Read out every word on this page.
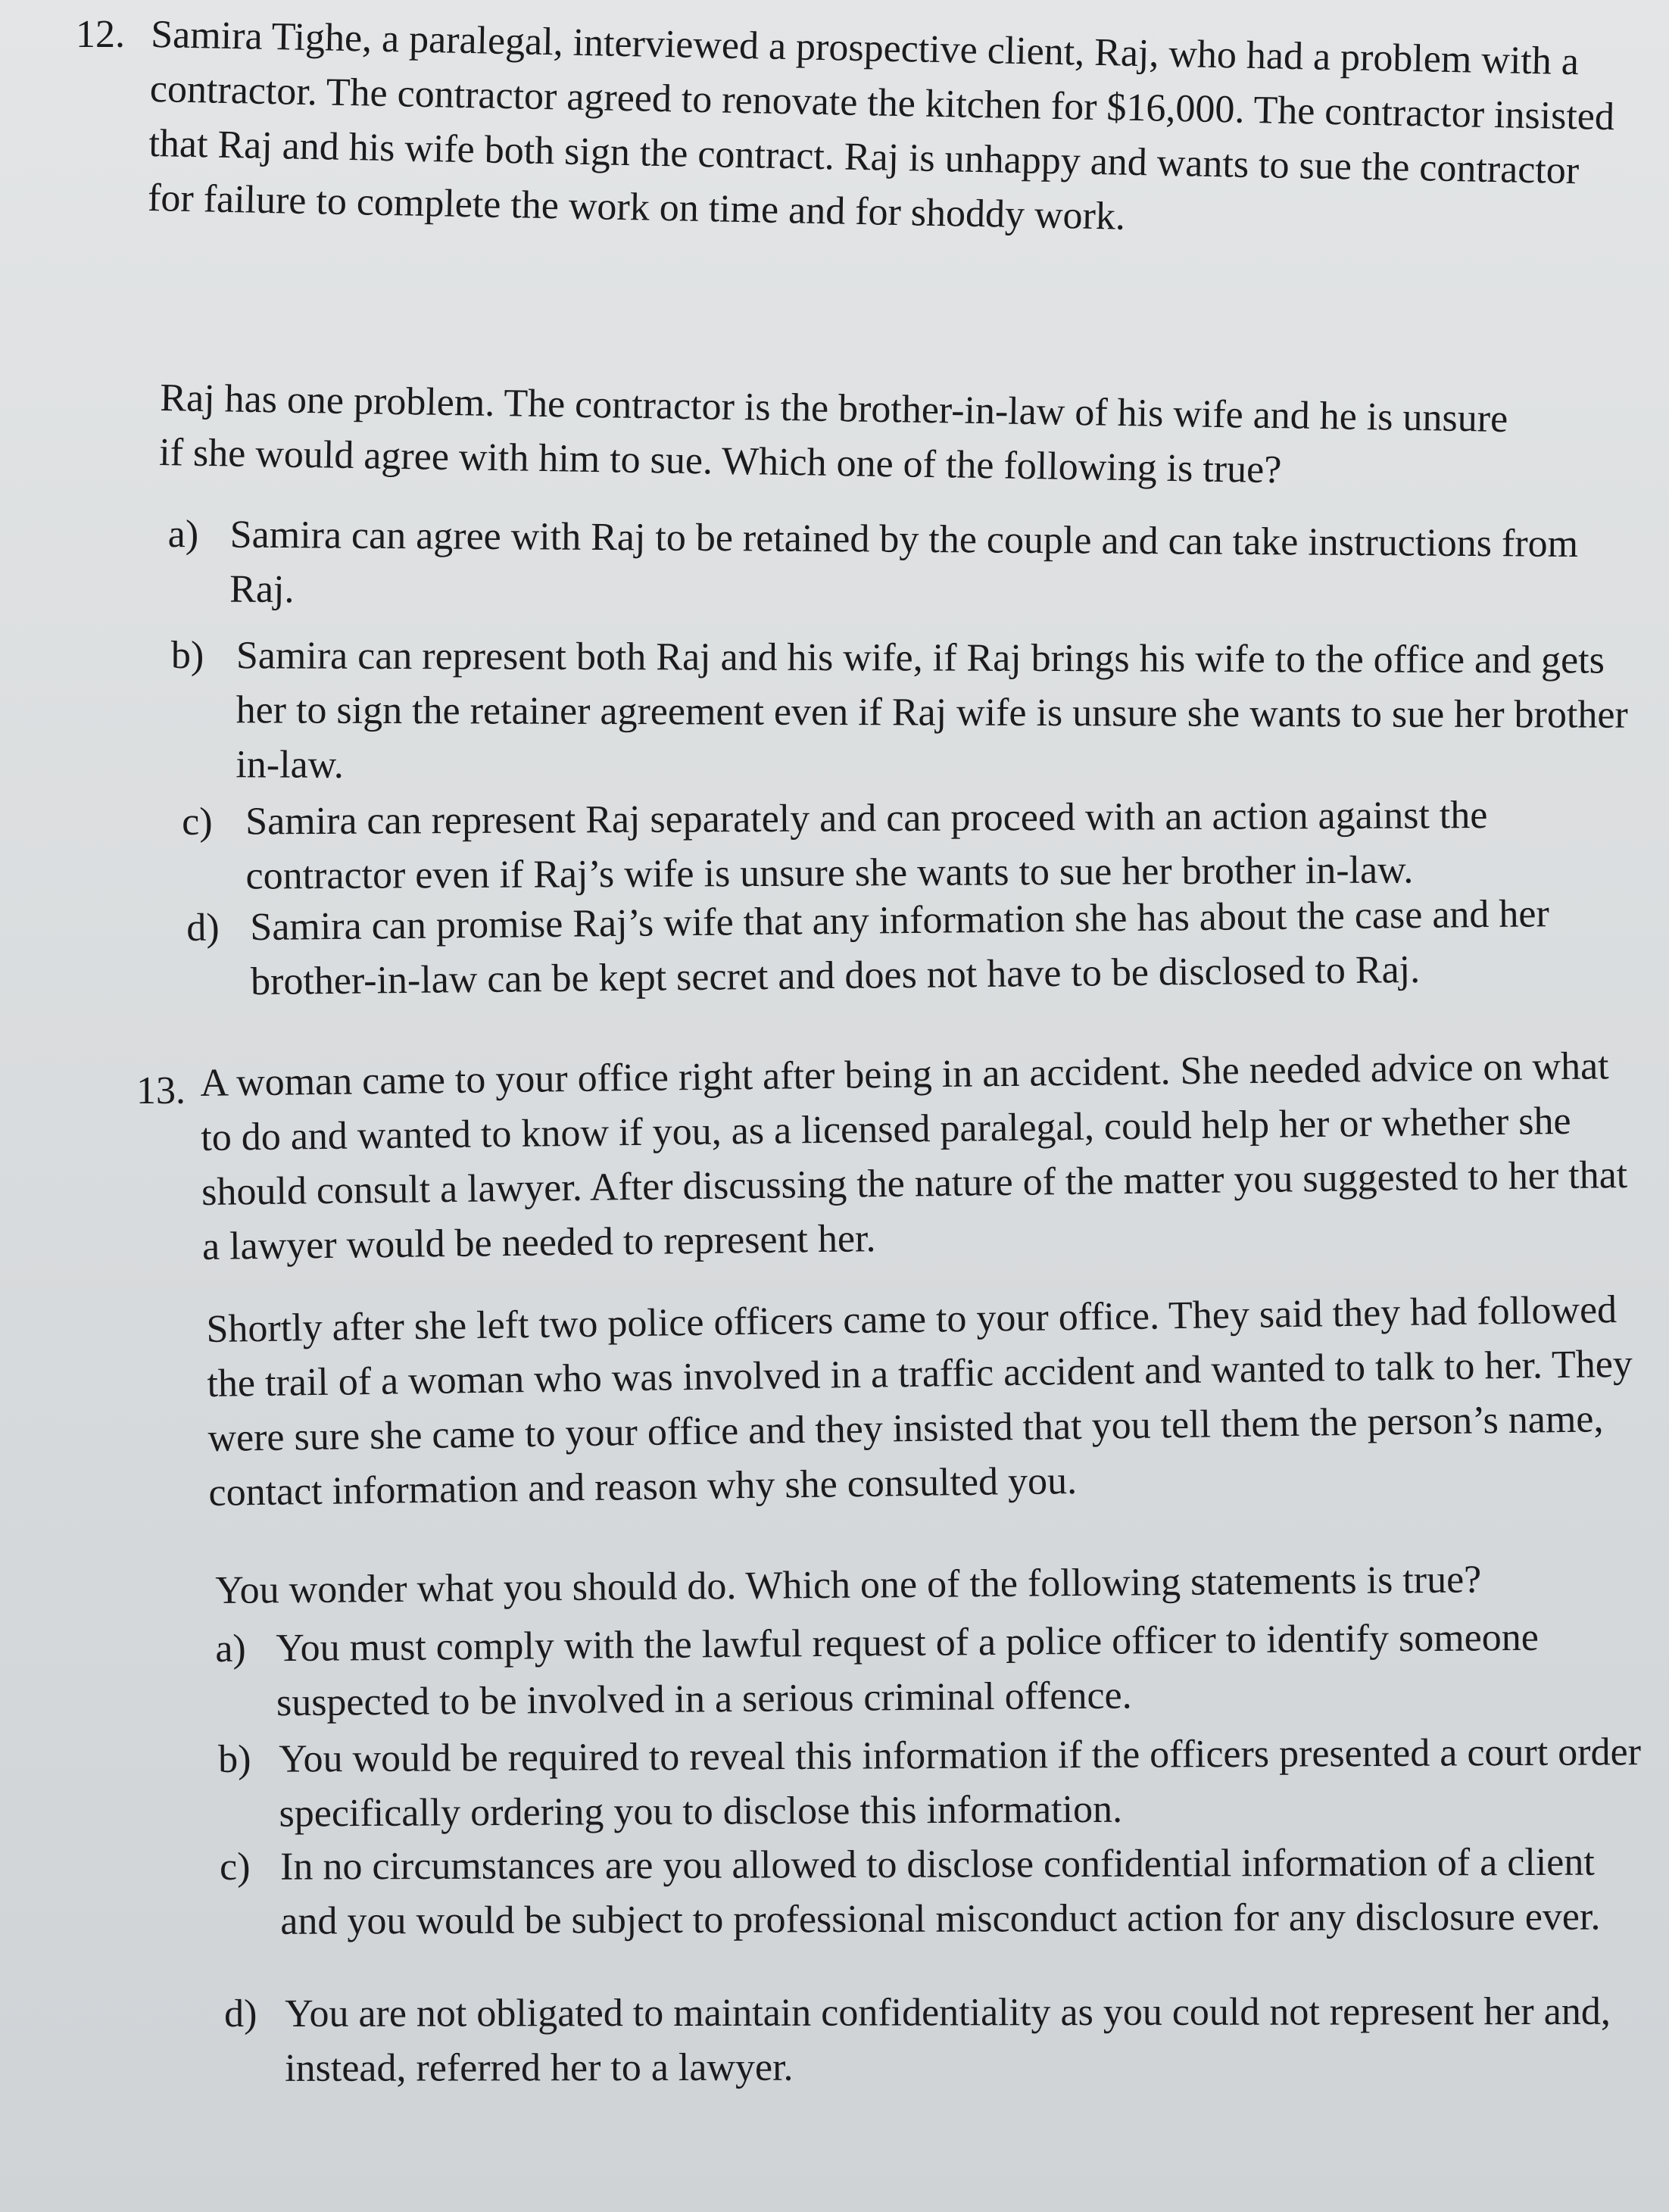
12. Samira Tighe, a paralegal, interviewed a prospective client, Raj, who had a problem with a contractor. The contractor agreed to renovate the kitchen for $16,000. The contractor insisted that Raj and his wife both sign the contract. Raj is unhappy and wants to sue the contractor for failure to complete the work on time and for shoddy work.

Raj has one problem. The contractor is the brother-in-law of his wife and he is unsure if she would agree with him to sue. Which one of the following is true?

a) Samira can agree with Raj to be retained by the couple and can take instructions from Raj.
b) Samira can represent both Raj and his wife, if Raj brings his wife to the office and gets her to sign the retainer agreement even if Raj wife is unsure she wants to sue her brother in-law.
c) Samira can represent Raj separately and can proceed with an action against the contractor even if Raj’s wife is unsure she wants to sue her brother in-law.
d) Samira can promise Raj’s wife that any information she has about the case and her brother-in-law can be kept secret and does not have to be disclosed to Raj.
13. A woman came to your office right after being in an accident. She needed advice on what to do and wanted to know if you, as a licensed paralegal, could help her or whether she should consult a lawyer. After discussing the nature of the matter you suggested to her that a lawyer would be needed to represent her.

Shortly after she left two police officers came to your office. They said they had followed the trail of a woman who was involved in a traffic accident and wanted to talk to her. They were sure she came to your office and they insisted that you tell them the person’s name, contact information and reason why she consulted you.

You wonder what you should do. Which one of the following statements is true?

a) You must comply with the lawful request of a police officer to identify someone suspected to be involved in a serious criminal offence.
b) You would be required to reveal this information if the officers presented a court order specifically ordering you to disclose this information.
c) In no circumstances are you allowed to disclose confidential information of a client and you would be subject to professional misconduct action for any disclosure ever.
d) You are not obligated to maintain confidentiality as you could not represent her and, instead, referred her to a lawyer.
